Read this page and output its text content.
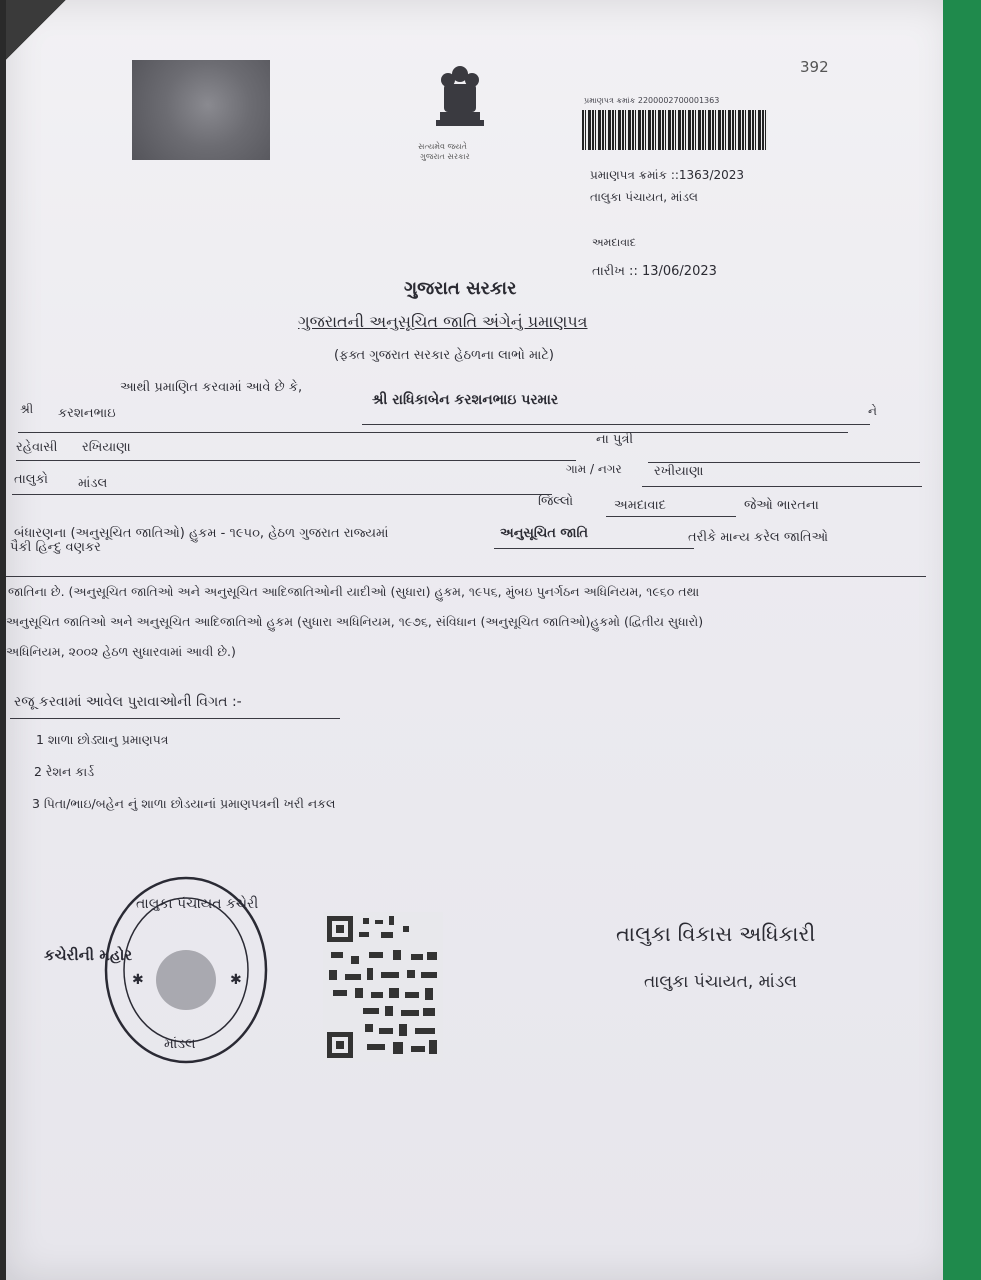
392
સત્યમેવ જયતે
ગુજરાત સરકાર
પ્રમાણપત્ર ક્રમાંક 2200002700001363
પ્રમાણપત્ર ક્રમાંક ::1363/2023
તાલુકા પંચાયત, માંડલ
અમદાવાદ
તારીખ :: 13/06/2023
ગુજરાત સરકાર
ગુજરાતની અનુસૂચિત જાતિ અંગેનું પ્રમાણપત્ર
(ફક્ત ગુજરાત સરકાર હેઠળના લાભો માટે)
આથી પ્રમાણિત કરવામાં આવે છે કે,
શ્રી રાધિકાબેન કરશનભાઇ પરમાર
ને
શ્રી કરશનભાઇ
ના પુત્રી
રહેવાસી રખિયાણા
ગામ / નગર રખીયાણા
તાલુકો માંડલ
જિલ્લો	અમદાવાદ	જેઓ ભારતના
બંધારણના (અનુસૂચિત જાતિઓ) હુકમ - ૧૯૫૦, હેઠળ ગુજરાત રાજ્યમાં	અનુસૂચિત જાતિ	તરીકે માન્ય કરેલ જાતિઓ
પૈકી હિન્દુ વણકર
જાતિના છે. (અનુસૂચિત જાતિઓ અને અનુસૂચિત આદિજાતિઓની યાદીઓ (સુધારા) હુકમ, ૧૯૫૬, મુંબઇ પુનર્ગઠન અધિનિયમ, ૧૯૬૦ તથા
અનુસૂચિત જાતિઓ અને અનુસૂચિત આદિજાતિઓ હુકમ (સુધારા અધિનિયમ, ૧૯૭૬, સંવિધાન (અનુસૂચિત જાતિઓ)હુકમો (દ્વિતીય સુધારો)
અધિનિયમ, ૨૦૦૨ હેઠળ સુધારવામાં આવી છે.)
રજૂ કરવામાં આવેલ પુરાવાઓની વિગત :-
1 શાળા છોડ્યાનુ પ્રમાણપત્ર
2 રેશન કાર્ડ
3 પિતા/ભાઇ/બહેન નું શાળા છોડયાનાં પ્રમાણપત્રની ખરી નકલ
તાલુકા પંચાયત કચેરી
કચેરીની મહોર
માંડલ
✱	✱
તાલુકા વિકાસ અધિકારી
તાલુકા પંચાયત, માંડલ
